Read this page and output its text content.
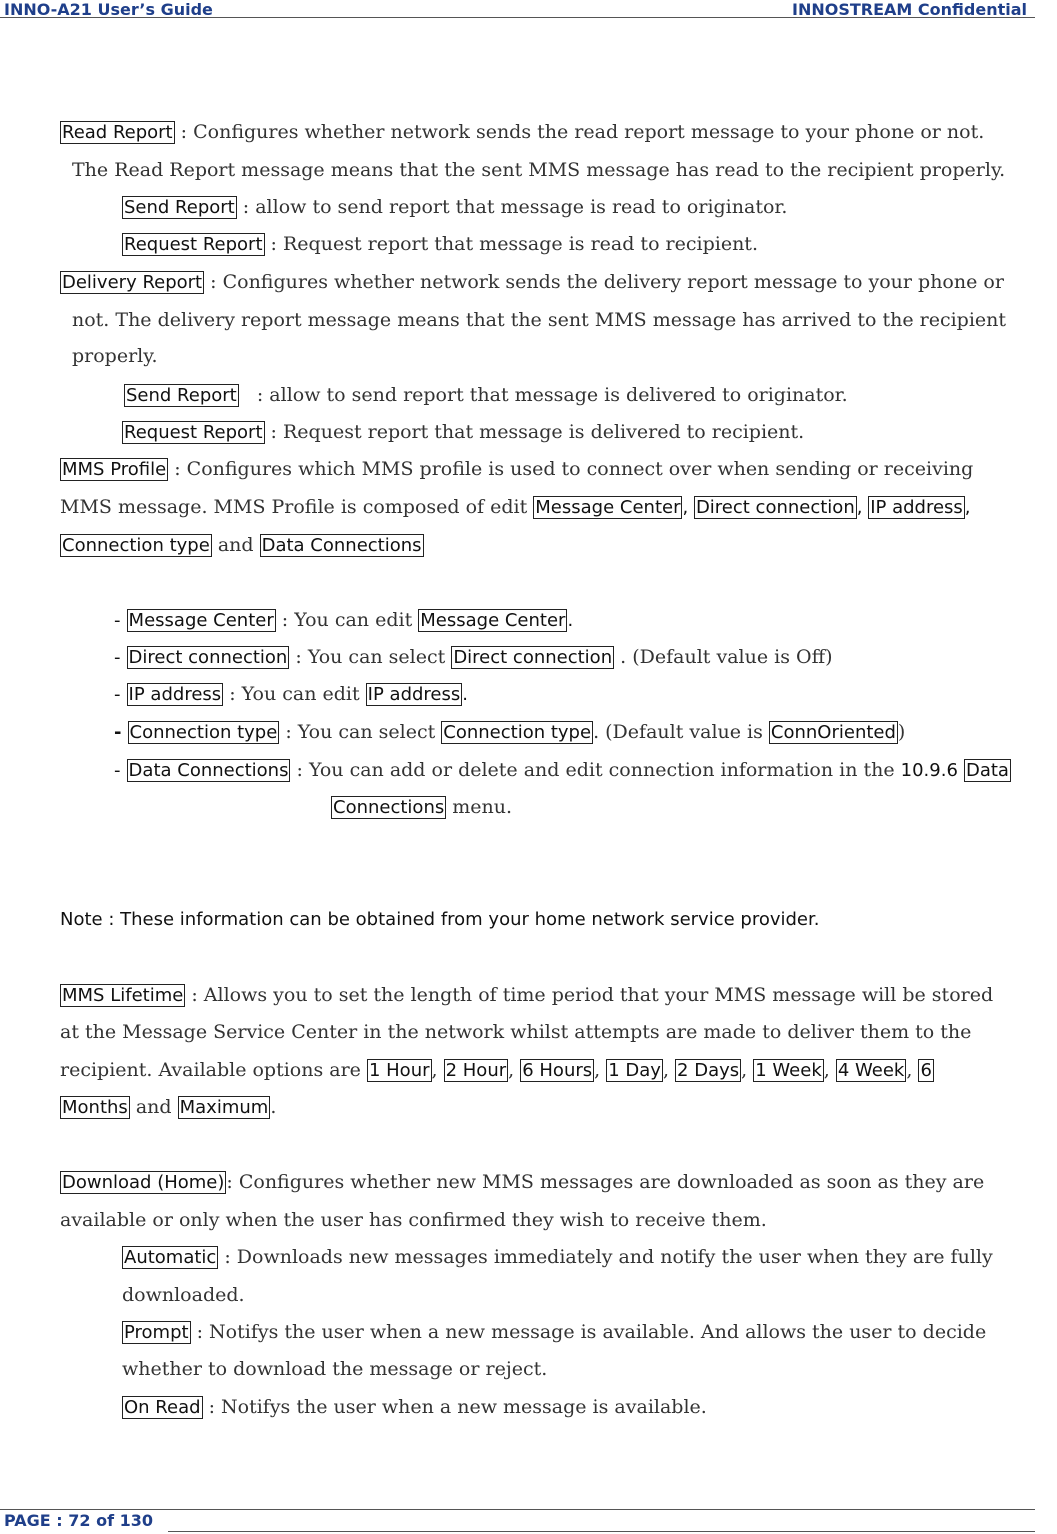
INNO-A21 User’s Guide	INNOSTREAM Confidential
Read Report : Configures whether network sends the read report message to your phone or not.
The Read Report message means that the sent MMS message has read to the recipient properly.
Send Report : allow to send report that message is read to originator.
Request Report : Request report that message is read to recipient.
Delivery Report : Configures whether network sends the delivery report message to your phone or
not. The delivery report message means that the sent MMS message has arrived to the recipient
properly.
Send Report   : allow to send report that message is delivered to originator.
Request Report : Request report that message is delivered to recipient.
MMS Profile : Configures which MMS profile is used to connect over when sending or receiving
MMS message. MMS Profile is composed of edit Message Center , Direct connection , IP address ,
Connection type and Data Connections
- Message Center : You can edit Message Center .
- Direct connection : You can select Direct connection . (Default value is Off)
- IP address : You can edit IP address .
- Connection type : You can select Connection type . (Default value is ConnOriented )
- Data Connections : You can add or delete and edit connection information in the 10.9.6 Data
Connections menu.
Note : These information can be obtained from your home network service provider.
MMS Lifetime : Allows you to set the length of time period that your MMS message will be stored
at the Message Service Center in the network whilst attempts are made to deliver them to the
recipient. Available options are 1 Hour , 2 Hour , 6 Hours , 1 Day , 2 Days , 1 Week , 4 Week , 6
Months and Maximum .
Download (Home) : Configures whether new MMS messages are downloaded as soon as they are
available or only when the user has confirmed they wish to receive them.
Automatic : Downloads new messages immediately and notify the user when they are fully
downloaded.
Prompt : Notifys the user when a new message is available. And allows the user to decide
whether to download the message or reject.
On Read : Notifys the user when a new message is available.
PAGE : 72 of 130
